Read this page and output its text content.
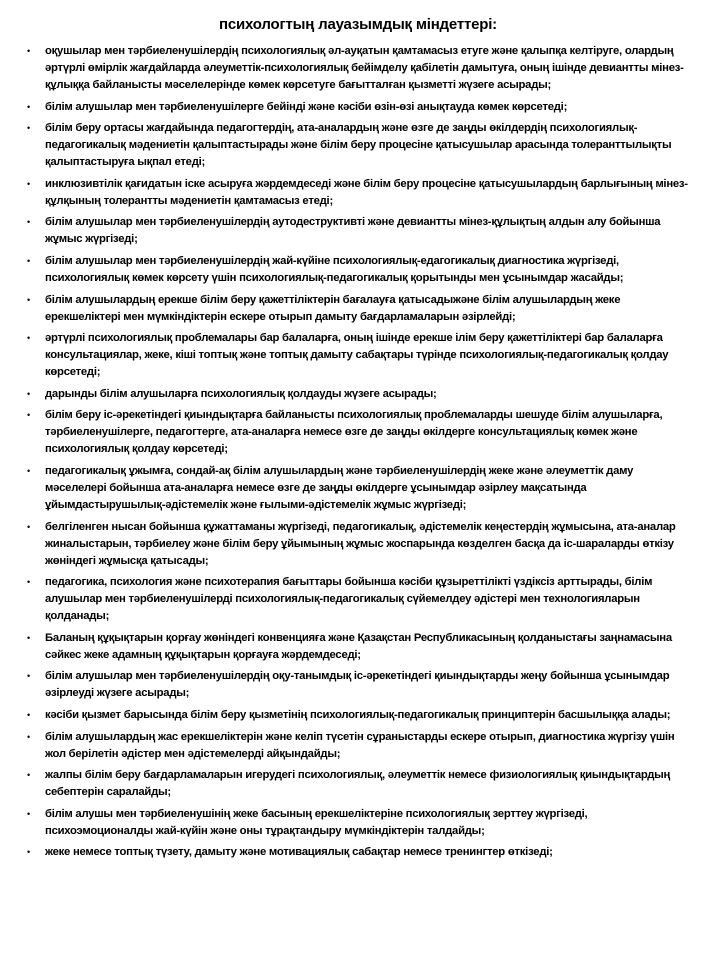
психологтың лауазымдық міндеттері:
•	оқушылар мен тәрбиеленушілердің психологиялық әл-ауқатын қамтамасыз етуге және қалыпқа келтіруге, олардың әртүрлі өмірлік жағдайларда әлеуметтік-психологиялық бейімделу қабілетін дамытуға, оның ішінде девиантты мінез-құлыққа байланысты мәселелерінде көмек көрсетуге бағытталған қызметті жүзеге асырады;
•	білім алушылар мен тәрбиеленушілерге бейінді және кәсіби өзін-өзі анықтауда көмек көрсетеді;
•	білім беру ортасы жағдайында педагогтердің, ата-аналардың және өзге де заңды өкілдердің психологиялық-педагогикалық мәдениетін қалыптастырады және білім беру процесіне қатысушылар арасында толеранттылықты қалыптастыруға ықпал етеді;
•	инклюзивтілік қағидатын іске асыруға жәрдемдеседі және білім беру процесіне қатысушылардың барлығының мінез-құлқының толерантты мәдениетін қамтамасыз етеді;
•	білім алушылар мен тәрбиеленушілердің аутодеструктивті және девиантты мінез-құлықтың алдын алу бойынша жұмыс жүргізеді;
•	білім алушылар мен тәрбиеленушілердің жай-күйіне психологиялық-едагогикалық диагностика жүргізеді, психологиялық көмек көрсету үшін психологиялық-педагогикалық қорытынды мен ұсынымдар жасайды;
•	білім алушылардың ерекше білім беру қажеттіліктерін бағалауға қатысадыжәне білім алушылардың жеке ерекшеліктері мен мүмкіндіктерін ескере отырып дамыту бағдарламаларын әзірлейді;
•	әртүрлі психологиялық проблемалары бар балаларға, оның ішінде ерекше ілім беру қажеттіліктері бар балаларға консультациялар, жеке, кіші топтық және топтық дамыту сабақтары түрінде психологиялық-педагогикалық қолдау көрсетеді;
•	дарынды білім алушыларға психологиялық қолдауды жүзеге асырады;
•	білім беру іс-әрекетіндегі қиындықтарға байланысты психологиялық проблемаларды шешуде білім алушыларға, тәрбиеленушілерге, педагогтерге, ата-аналарға немесе өзге де заңды өкілдерге консультациялық көмек және психологиялық қолдау көрсетеді;
•	педагогикалық ұжымға, сондай-ақ білім алушылардың және тәрбиеленушілердің жеке және әлеуметтік даму мәселелері бойынша ата-аналарға немесе өзге де заңды өкілдерге ұсынымдар әзірлеу мақсатында ұйымдастырушылық-әдістемелік және ғылыми-әдістемелік жұмыс жүргізеді;
•	белгіленген нысан бойынша құжаттаманы жүргізеді, педагогикалық, әдістемелік кеңестердің жұмысына, ата-аналар жиналыстарын, тәрбиелеу және білім беру ұйымының жұмыс жоспарында көзделген басқа да іс-шараларды өткізу жөніндегі жұмысқа қатысады;
•	педагогика, психология және психотерапия бағыттары бойынша кәсіби құзыреттілікті үздіксіз арттырады, білім алушылар мен тәрбиеленушілерді психологиялық-педагогикалық сүйемелдеу әдістері мен технологияларын қолданады;
•	Баланың құқықтарын қорғау жөніндегі конвенцияға және Қазақстан Республикасының қолданыстағы заңнамасына сәйкес жеке адамның құқықтарын қорғауға жәрдемдеседі;
•	білім алушылар мен тәрбиеленушілердің оқу-танымдық іс-әрекетіндегі қиындықтарды жеңу бойынша ұсынымдар әзірлеуді жүзеге асырады;
•	кәсіби қызмет барысында білім беру қызметінің психологиялық-педагогикалық принциптерін басшылыққа алады;
•	білім алушылардың жас ерекшеліктерін және келіп түсетін сұраныстарды ескере отырып, диагностика жүргізу үшін жол берілетін әдістер мен әдістемелерді айқындайды;
•	жалпы білім беру бағдарламаларын игерудегі психологиялық, әлеуметтік немесе физиологиялық қиындықтардың себептерін саралайды;
•	білім алушы мен тәрбиеленушінің жеке басының ерекшеліктеріне психологиялық зерттеу жүргізеді, психоэмоционалды жай-күйін және оны тұрақтандыру мүмкіндіктерін талдайды;
•	жеке немесе топтық түзету, дамыту және мотивациялық сабақтар немесе тренингтер өткізеді;
